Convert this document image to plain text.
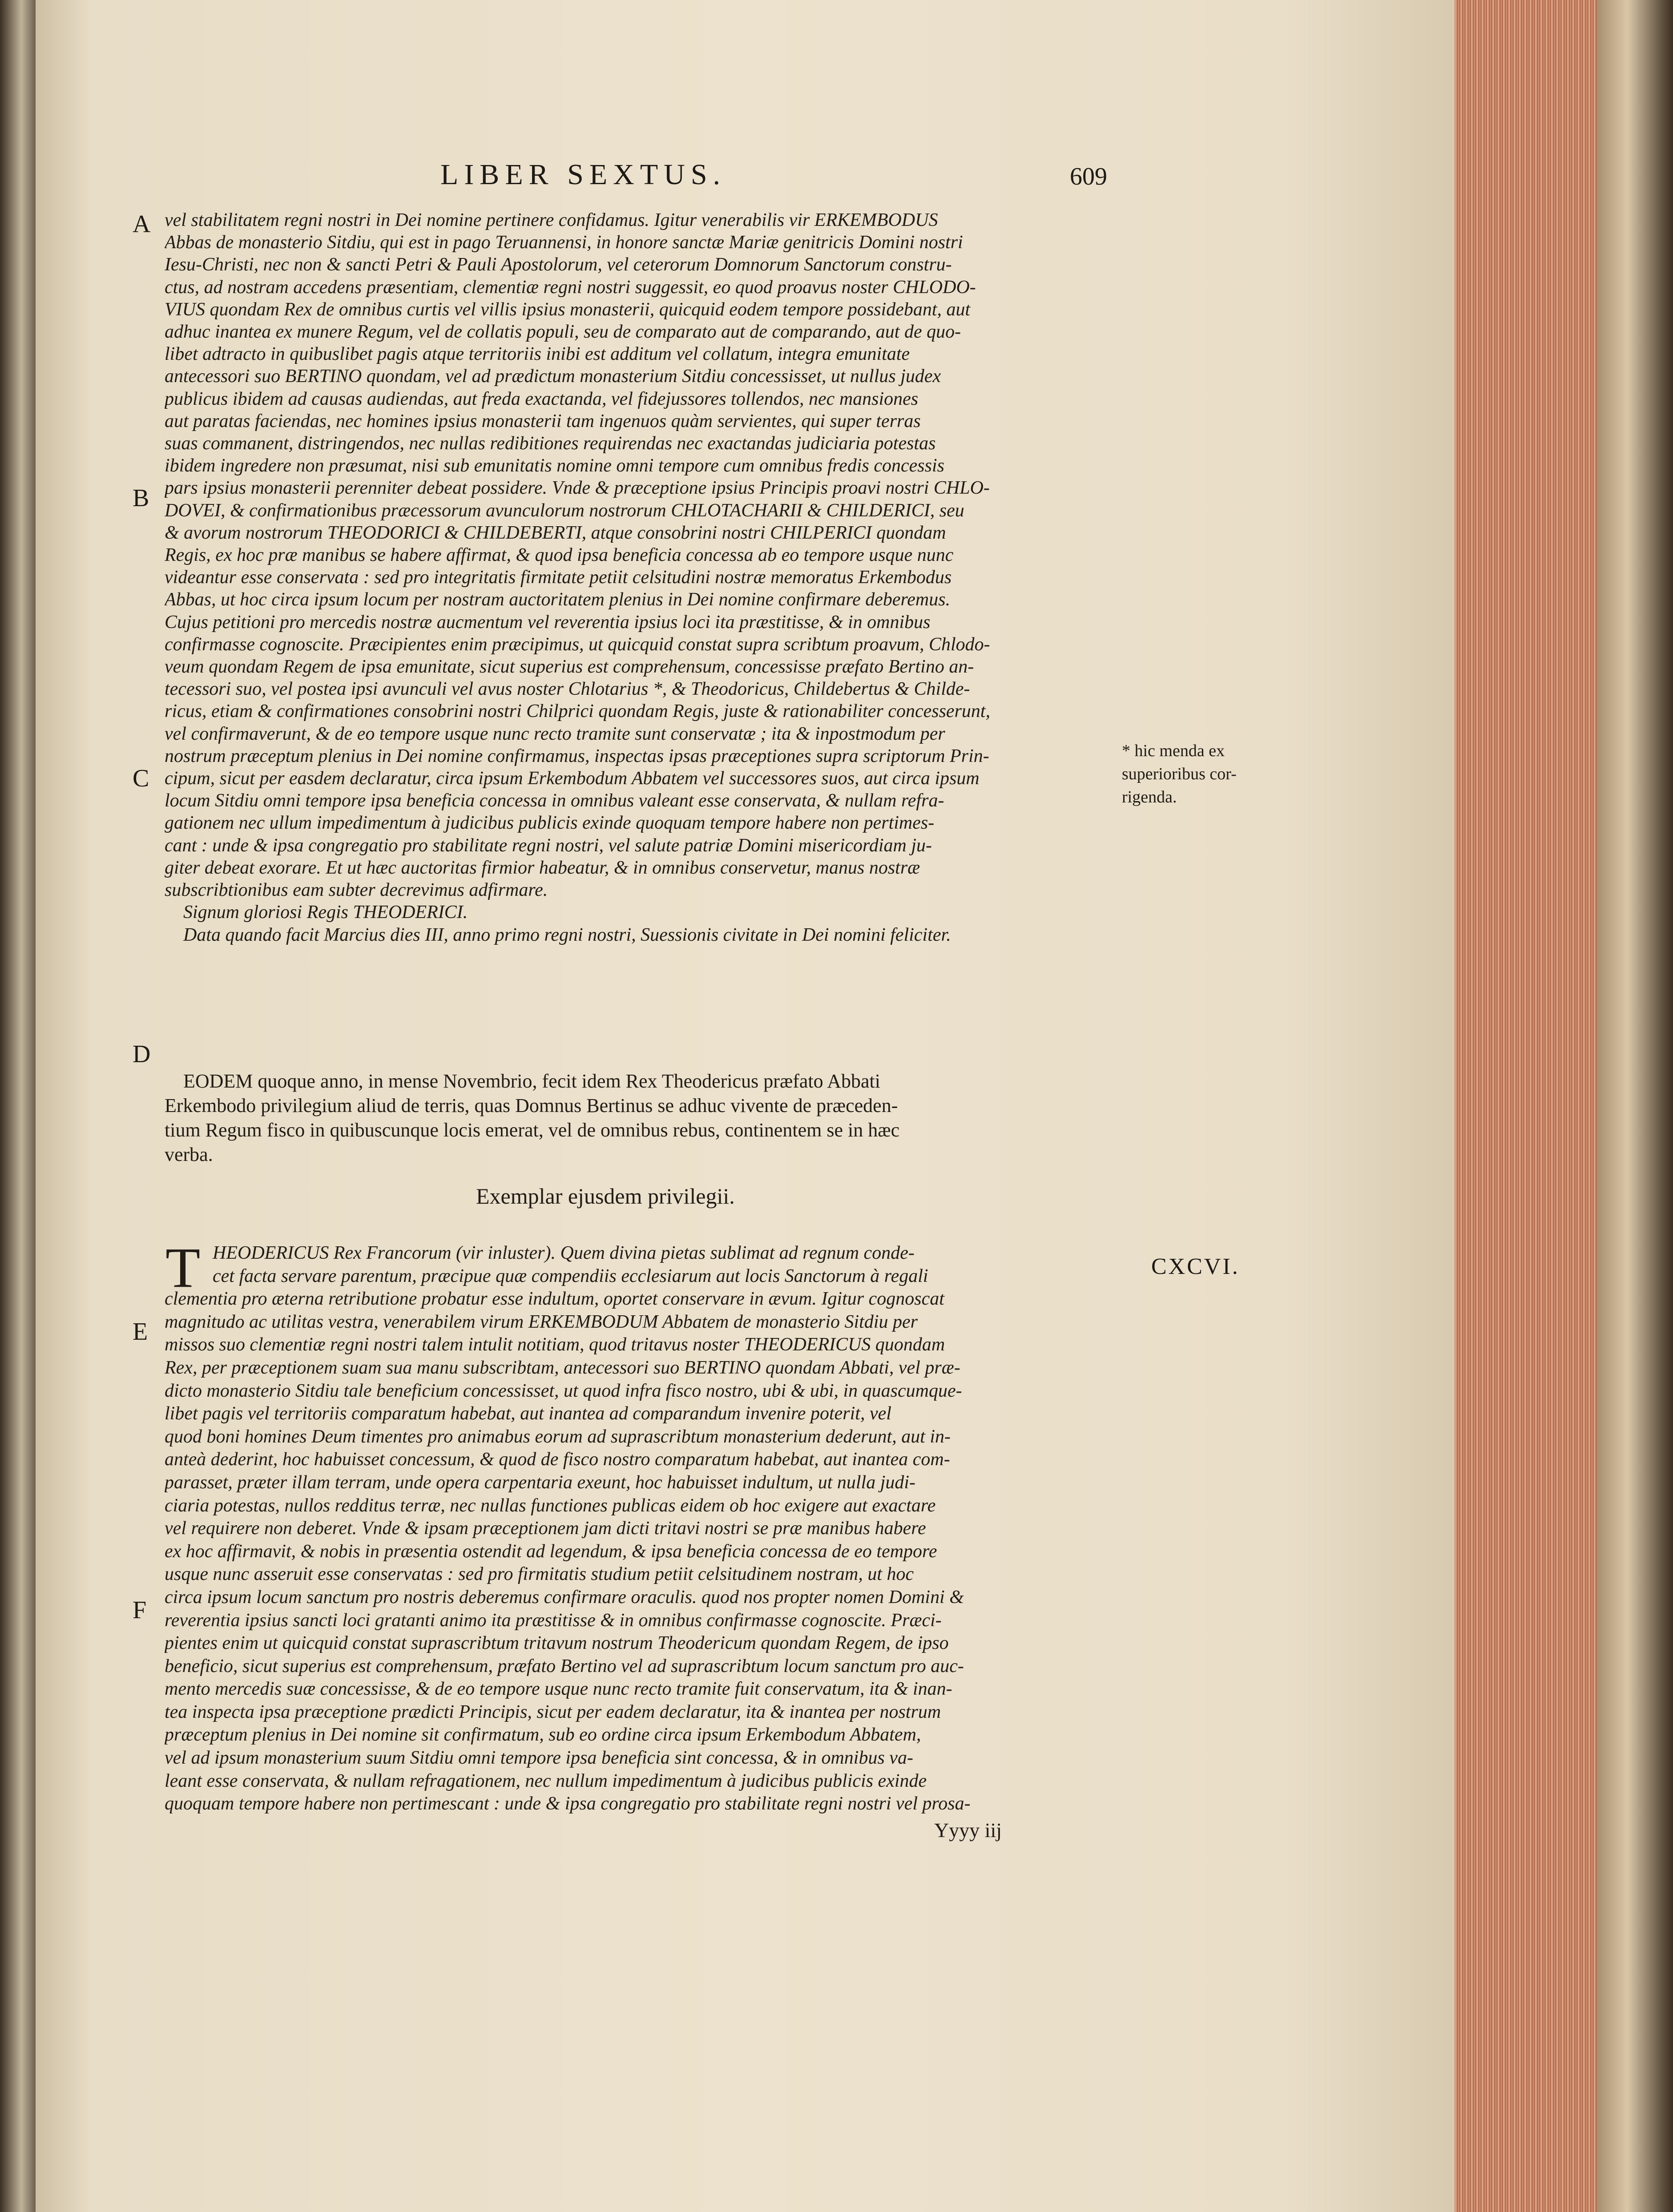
LIBER SEXTUS.	609
A
B
C
D
E
F
vel stabilitatem regni nostri in Dei nomine pertinere confidamus. Igitur venerabilis vir ERKEMBODUS
Abbas de monasterio Sitdiu, qui est in pago Teruannensi, in honore sanctæ Mariæ genitricis Domini nostri
Iesu-Christi, nec non & sancti Petri & Pauli Apostolorum, vel ceterorum Domnorum Sanctorum constru-
ctus, ad nostram accedens præsentiam, clementiæ regni nostri suggessit, eo quod proavus noster CHLODO-
VIUS quondam Rex de omnibus curtis vel villis ipsius monasterii, quicquid eodem tempore possidebant, aut
adhuc inantea ex munere Regum, vel de collatis populi, seu de comparato aut de comparando, aut de quo-
libet adtracto in quibuslibet pagis atque territoriis inibi est additum vel collatum, integra emunitate
antecessori suo BERTINO quondam, vel ad prædictum monasterium Sitdiu concessisset, ut nullus judex
publicus ibidem ad causas audiendas, aut freda exactanda, vel fidejussores tollendos, nec mansiones
aut paratas faciendas, nec homines ipsius monasterii tam ingenuos quàm servientes, qui super terras
suas commanent, distringendos, nec nullas redibitiones requirendas nec exactandas judiciaria potestas
ibidem ingredere non præsumat, nisi sub emunitatis nomine omni tempore cum omnibus fredis concessis
pars ipsius monasterii perenniter debeat possidere. Vnde & præceptione ipsius Principis proavi nostri CHLO-
DOVEI, & confirmationibus præcessorum avunculorum nostrorum CHLOTACHARII & CHILDERICI, seu
& avorum nostrorum THEODORICI & CHILDEBERTI, atque consobrini nostri CHILPERICI quondam
Regis, ex hoc præ manibus se habere affirmat, & quod ipsa beneficia concessa ab eo tempore usque nunc
videantur esse conservata : sed pro integritatis firmitate petiit celsitudini nostræ memoratus Erkembodus
Abbas, ut hoc circa ipsum locum per nostram auctoritatem plenius in Dei nomine confirmare deberemus.
Cujus petitioni pro mercedis nostræ aucmentum vel reverentia ipsius loci ita præstitisse, & in omnibus
confirmasse cognoscite. Præcipientes enim præcipimus, ut quicquid constat supra scribtum proavum, Chlodo-
veum quondam Regem de ipsa emunitate, sicut superius est comprehensum, concessisse præfato Bertino an-
tecessori suo, vel postea ipsi avunculi vel avus noster Chlotarius *, & Theodoricus, Childebertus & Childe-
ricus, etiam & confirmationes consobrini nostri Chilprici quondam Regis, juste & rationabiliter concesserunt,
vel confirmaverunt, & de eo tempore usque nunc recto tramite sunt conservatæ ; ita & inpostmodum per
nostrum præceptum plenius in Dei nomine confirmamus, inspectas ipsas præceptiones supra scriptorum Prin-
cipum, sicut per easdem declaratur, circa ipsum Erkembodum Abbatem vel successores suos, aut circa ipsum
locum Sitdiu omni tempore ipsa beneficia concessa in omnibus valeant esse conservata, & nullam refra-
gationem nec ullum impedimentum à judicibus publicis exinde quoquam tempore habere non pertimes-
cant : unde & ipsa congregatio pro stabilitate regni nostri, vel salute patriæ Domini misericordiam ju-
giter debeat exorare. Et ut hæc auctoritas firmior habeatur, & in omnibus conservetur, manus nostræ
subscribtionibus eam subter decrevimus adfirmare.
Signum gloriosi Regis THEODERICI.
Data quando facit Marcius dies III, anno primo regni nostri, Suessionis civitate in Dei nomini feliciter.
* hic menda ex
superioribus cor-
rigenda.
EODEM quoque anno, in mense Novembrio, fecit idem Rex Theodericus præfato Abbati
Erkembodo privilegium aliud de terris, quas Domnus Bertinus se adhuc vivente de præceden-
tium Regum fisco in quibuscunque locis emerat, vel de omnibus rebus, continentem se in hæc
verba.
Exemplar ejusdem privilegii.
CXCVI.
T HEODERICUS Rex Francorum (vir inluster). Quem divina pietas sublimat ad regnum conde-
cet facta servare parentum, præcipue quæ compendiis ecclesiarum aut locis Sanctorum à regali
clementia pro æterna retributione probatur esse indultum, oportet conservare in ævum. Igitur cognoscat
magnitudo ac utilitas vestra, venerabilem virum ERKEMBODUM Abbatem de monasterio Sitdiu per
missos suo clementiæ regni nostri talem intulit notitiam, quod tritavus noster THEODERICUS quondam
Rex, per præceptionem suam sua manu subscribtam, antecessori suo BERTINO quondam Abbati, vel præ-
dicto monasterio Sitdiu tale beneficium concessisset, ut quod infra fisco nostro, ubi & ubi, in quascumque-
libet pagis vel territoriis comparatum habebat, aut inantea ad comparandum invenire poterit, vel
quod boni homines Deum timentes pro animabus eorum ad suprascribtum monasterium dederunt, aut in-
anteà dederint, hoc habuisset concessum, & quod de fisco nostro comparatum habebat, aut inantea com-
parasset, præter illam terram, unde opera carpentaria exeunt, hoc habuisset indultum, ut nulla judi-
ciaria potestas, nullos redditus terræ, nec nullas functiones publicas eidem ob hoc exigere aut exactare
vel requirere non deberet. Vnde & ipsam præceptionem jam dicti tritavi nostri se præ manibus habere
ex hoc affirmavit, & nobis in præsentia ostendit ad legendum, & ipsa beneficia concessa de eo tempore
usque nunc asseruit esse conservatas : sed pro firmitatis studium petiit celsitudinem nostram, ut hoc
circa ipsum locum sanctum pro nostris deberemus confirmare oraculis. quod nos propter nomen Domini &
reverentia ipsius sancti loci gratanti animo ita præstitisse & in omnibus confirmasse cognoscite. Præci-
pientes enim ut quicquid constat suprascribtum tritavum nostrum Theodericum quondam Regem, de ipso
beneficio, sicut superius est comprehensum, præfato Bertino vel ad suprascribtum locum sanctum pro auc-
mento mercedis suæ concessisse, & de eo tempore usque nunc recto tramite fuit conservatum, ita & inan-
tea inspecta ipsa præceptione prædicti Principis, sicut per eadem declaratur, ita & inantea per nostrum
præceptum plenius in Dei nomine sit confirmatum, sub eo ordine circa ipsum Erkembodum Abbatem,
vel ad ipsum monasterium suum Sitdiu omni tempore ipsa beneficia sint concessa, & in omnibus va-
leant esse conservata, & nullam refragationem, nec nullum impedimentum à judicibus publicis exinde
quoquam tempore habere non pertimescant : unde & ipsa congregatio pro stabilitate regni nostri vel prosa-
Yyyy iij
